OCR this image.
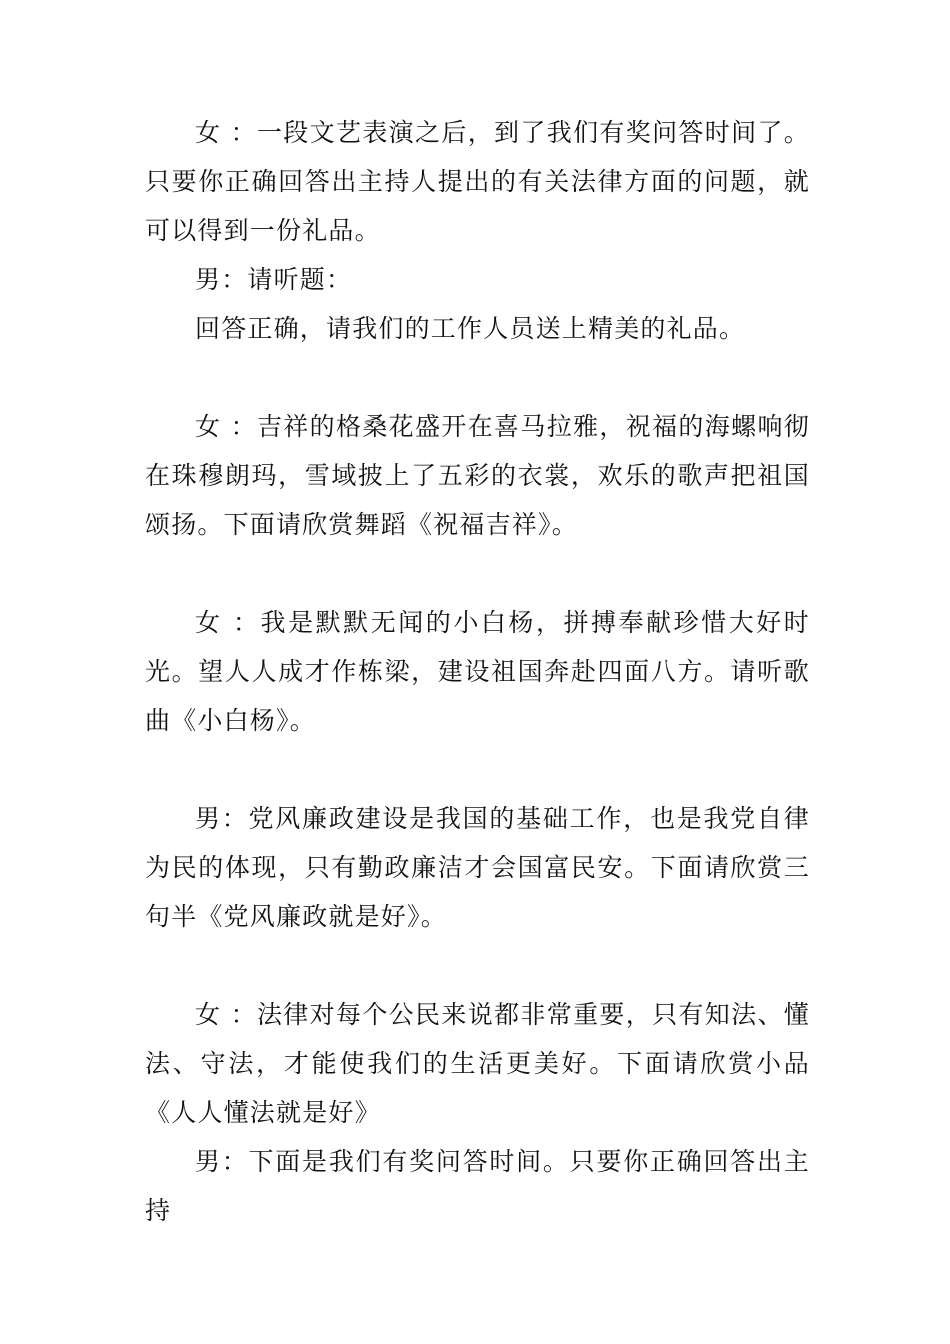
女 ：一段文艺表演之后，到了我们有奖问答时间了。只要你正确回答出主持人提出的有关法律方面的问题，就可以得到一份礼品。

男：请听题：

回答正确，请我们的工作人员送上精美的礼品。

女 ：吉祥的格桑花盛开在喜马拉雅，祝福的海螺响彻在珠穆朗玛，雪域披上了五彩的衣裳，欢乐的歌声把祖国颂扬。下面请欣赏舞蹈《祝福吉祥》。

女 ：我是默默无闻的小白杨，拼搏奉献珍惜大好时光。望人人成才作栋梁，建设祖国奔赴四面八方。请听歌曲《小白杨》。

男：党风廉政建设是我国的基础工作，也是我党自律为民的体现，只有勤政廉洁才会国富民安。下面请欣赏三句半《党风廉政就是好》。

女 ：法律对每个公民来说都非常重要，只有知法、懂法、守法，才能使我们的生活更美好。下面请欣赏小品《人人懂法就是好》

男：下面是我们有奖问答时间。只要你正确回答出主持
